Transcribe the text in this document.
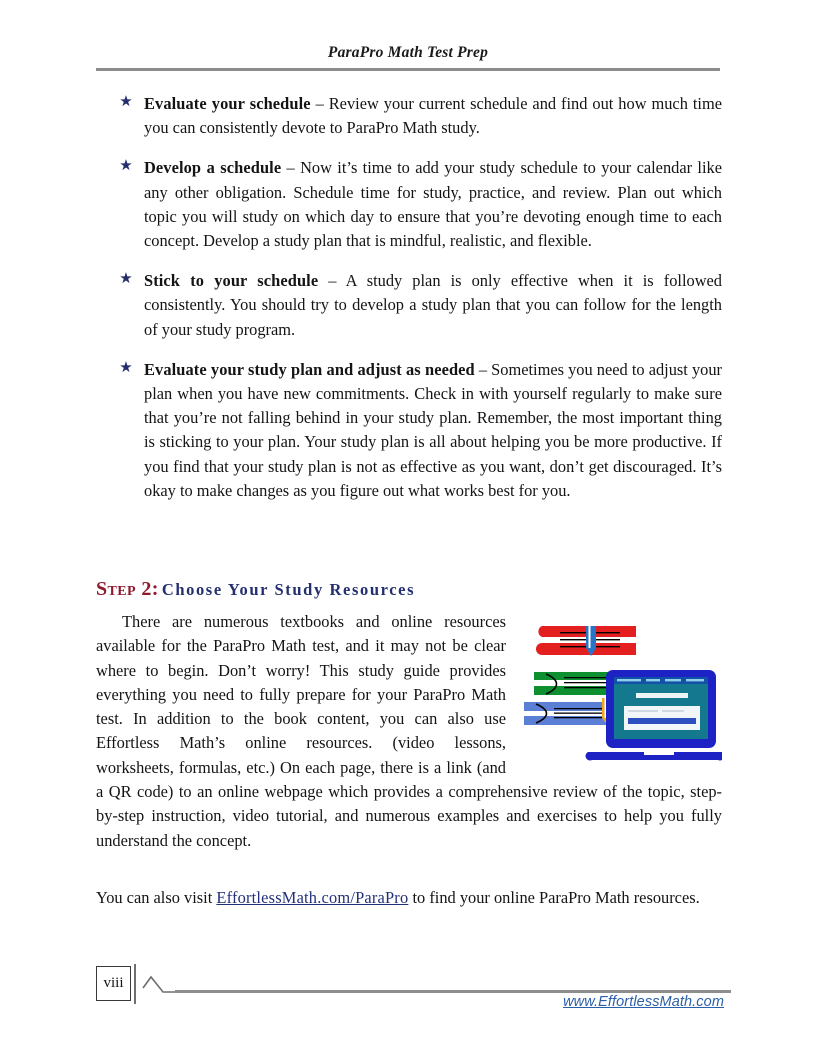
ParaPro Math Test Prep
★ Evaluate your schedule – Review your current schedule and find out how much time you can consistently devote to ParaPro Math study.
★ Develop a schedule – Now it’s time to add your study schedule to your calendar like any other obligation. Schedule time for study, practice, and review. Plan out which topic you will study on which day to ensure that you’re devoting enough time to each concept. Develop a study plan that is mindful, realistic, and flexible.
★ Stick to your schedule – A study plan is only effective when it is followed consistently. You should try to develop a study plan that you can follow for the length of your study program.
★ Evaluate your study plan and adjust as needed – Sometimes you need to adjust your plan when you have new commitments. Check in with yourself regularly to make sure that you’re not falling behind in your study plan. Remember, the most important thing is sticking to your plan. Your study plan is all about helping you be more productive. If you find that your study plan is not as effective as you want, don’t get discouraged. It’s okay to make changes as you figure out what works best for you.
Step 2: Choose Your Study Resources

There are numerous textbooks and online resources available for the ParaPro Math test, and it may not be clear where to begin. Don’t worry! This study guide provides everything you need to fully prepare for your ParaPro Math test. In addition to the book content, you can also use Effortless Math’s online resources. (video lessons, worksheets, formulas, etc.) On each page, there is a link (and a QR code) to an online webpage which provides a comprehensive review of the topic, step-by-step instruction, video tutorial, and numerous examples and exercises to help you fully understand the concept.

You can also visit EffortlessMath.com/ParaPro to find your online ParaPro Math resources.
viii
www.EffortlessMath.com
